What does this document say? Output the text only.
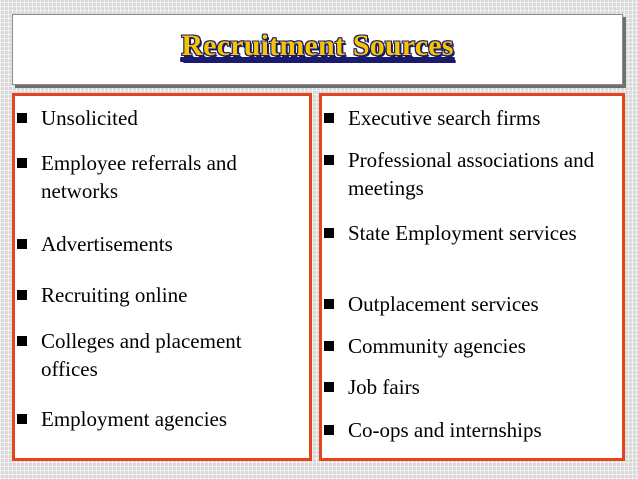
Recruitment Sources
Unsolicited
Employee referrals and networks
Advertisements
Recruiting online
Colleges and placement offices
Employment agencies
Executive search firms
Professional associations and meetings
State Employment services
Outplacement services
Community agencies
Job fairs
Co-ops and internships
